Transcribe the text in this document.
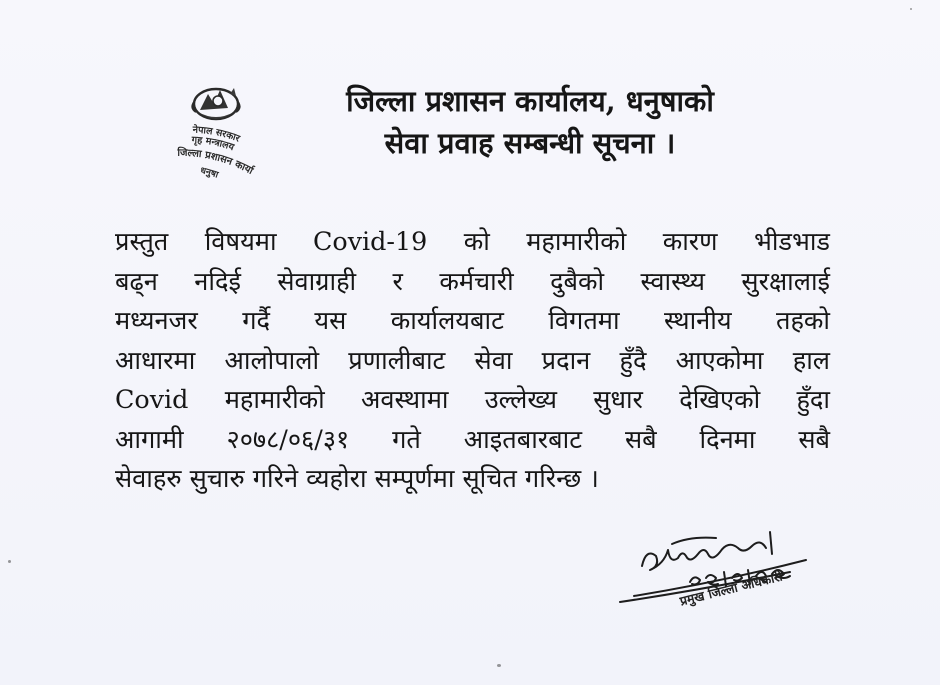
नेपाल सरकार
गृह मन्त्रालय
जिल्ला प्रशासन कार्या
धनुषा
जिल्ला प्रशासन कार्यालय, धनुषाको
सेवा प्रवाह सम्बन्धी सूचना ।
प्रस्तुत विषयमा Covid-19 को महामारीको कारण भीडभाड
बढ्न नदिई सेवाग्राही र कर्मचारी दुबैको स्वास्थ्य सुरक्षालाई
मध्यनजर गर्दै यस कार्यालयबाट विगतमा स्थानीय तहको
आधारमा आलोपालो प्रणालीबाट सेवा प्रदान हुँदै आएकोमा हाल
Covid महामारीको अवस्थामा उल्लेख्य सुधार देखिएको हुँदा
आगामी २०७८/०६/३१ गते आइतबारबाट सबै दिनमा सबै
सेवाहरु सुचारु गरिने व्यहोरा सम्पूर्णमा सूचित गरिन्छ ।
०७८।६।२८
प्रमुख जिल्ला अधिकारी
